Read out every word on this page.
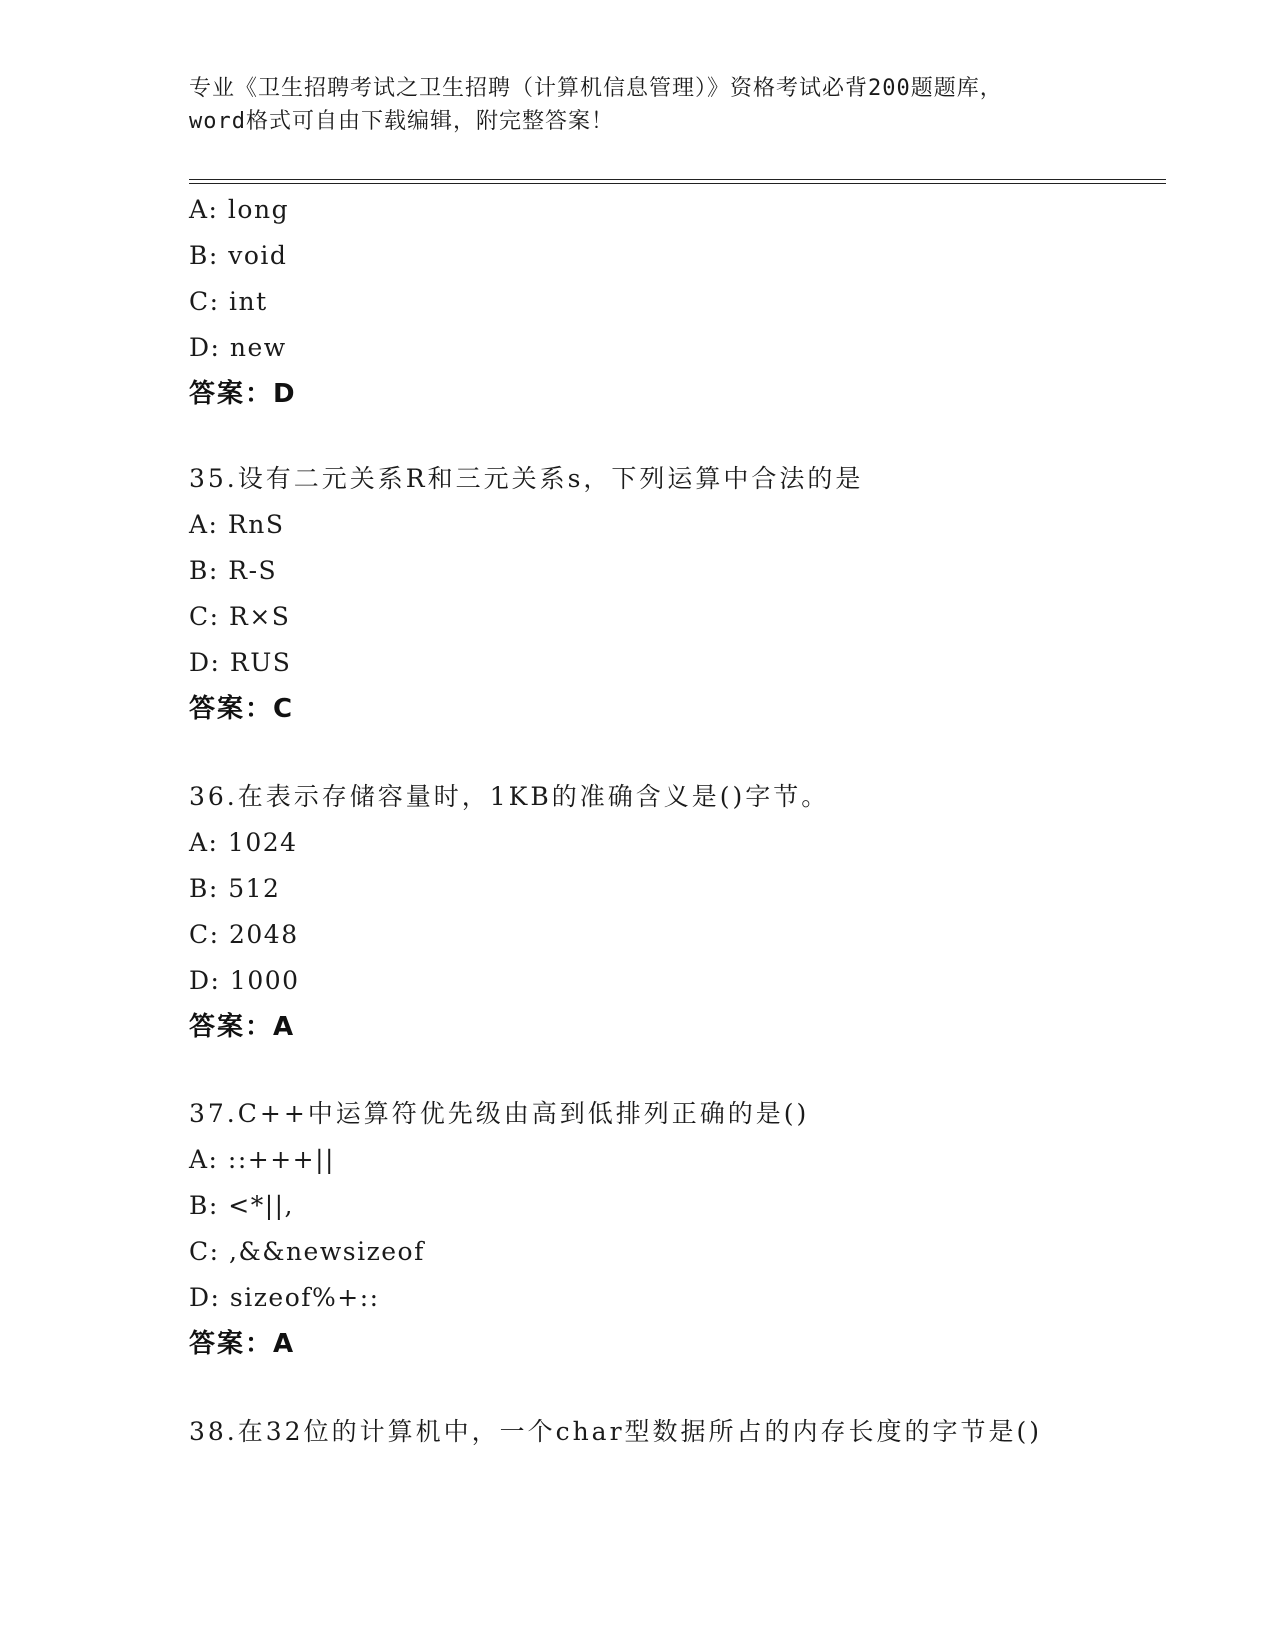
专业《卫生招聘考试之卫生招聘（计算机信息管理）》资格考试必背200题题库，
word格式可自由下载编辑，附完整答案！
A: long
B: void
C: int
D: new
答案：D
35.设有二元关系R和三元关系s，下列运算中合法的是
A: RnS
B: R-S
C: R×S
D: RUS
答案：C
36.在表示存储容量时，1KB的准确含义是()字节。
A: 1024
B: 512
C: 2048
D: 1000
答案：A
37.C++中运算符优先级由高到低排列正确的是()
A: ::+++||
B: <*||,
C: ,&&newsizeof
D: sizeof%+::
答案：A
38.在32位的计算机中，一个char型数据所占的内存长度的字节是()
